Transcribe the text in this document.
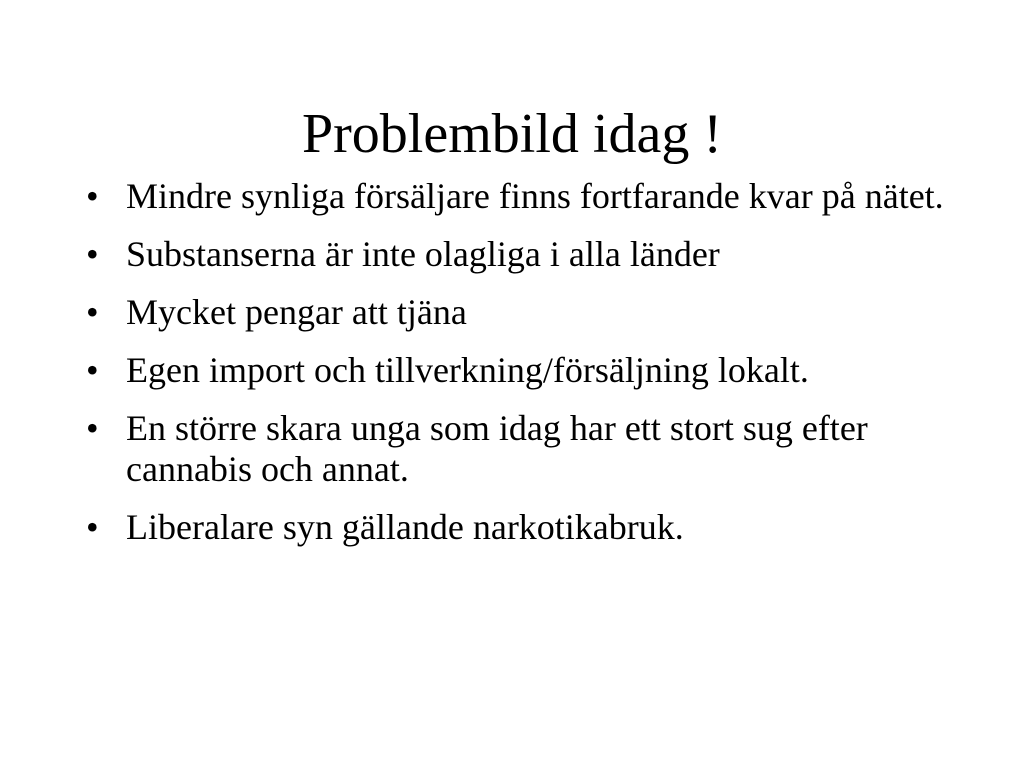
Problembild idag !
• Mindre synliga försäljare finns fortfarande kvar på nätet.
• Substanserna är inte olagliga i alla länder
• Mycket pengar att tjäna
• Egen import och tillverkning/försäljning lokalt.
• En större skara unga som idag har ett stort sug efter cannabis och annat.
• Liberalare syn gällande narkotikabruk.
